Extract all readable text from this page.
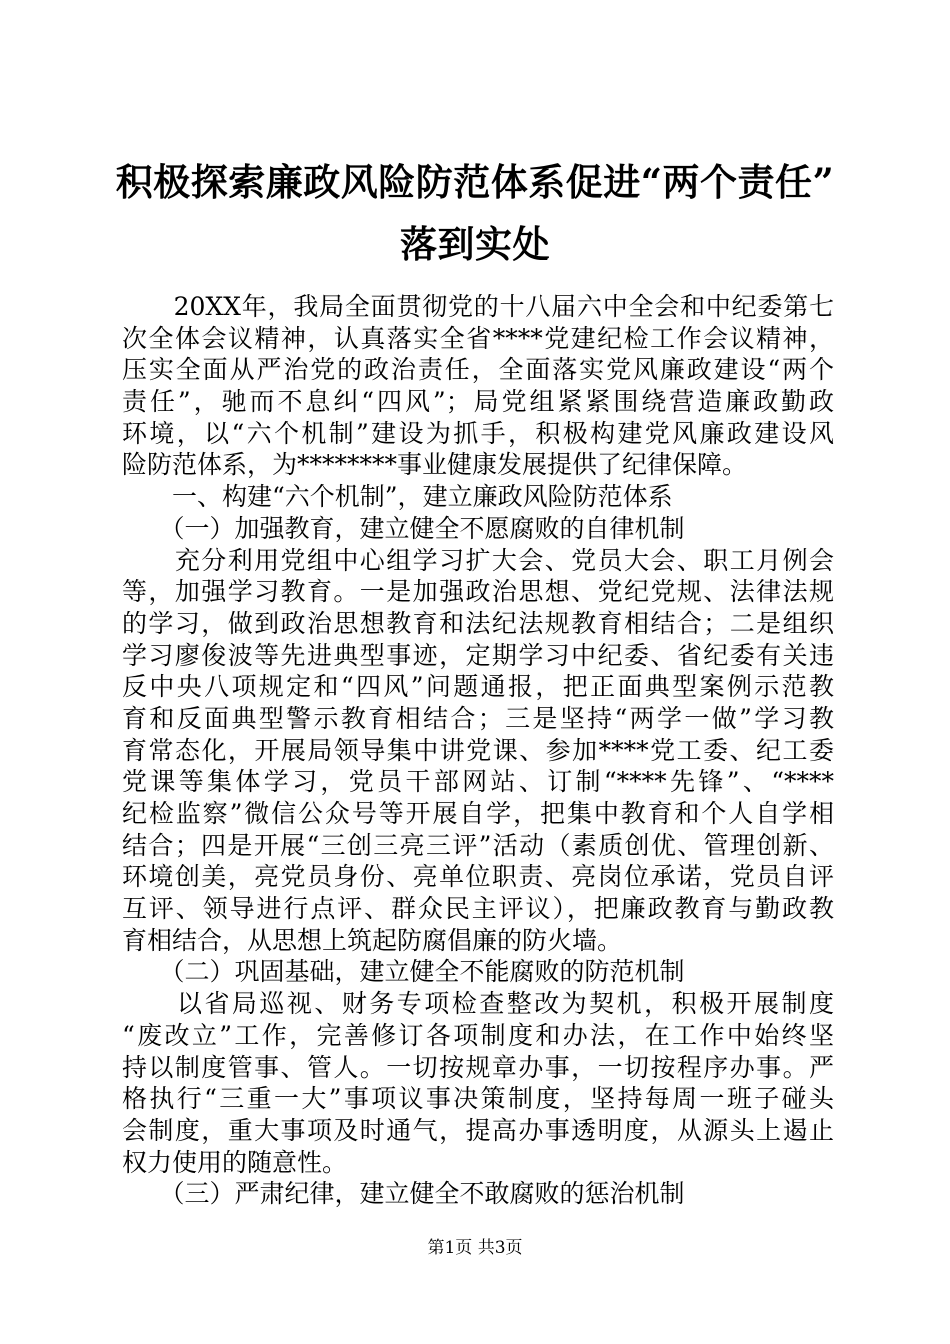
积极探索廉政风险防范体系促进“两个责任”
落到实处
　　20XX年，我局全面贯彻党的十八届六中全会和中纪委第七
次全体会议精神，认真落实全省****党建纪检工作会议精神，
压实全面从严治党的政治责任，全面落实党风廉政建设“两个
责任”，驰而不息纠“四风”；局党组紧紧围绕营造廉政勤政
环境，以“六个机制”建设为抓手，积极构建党风廉政建设风
险防范体系，为********事业健康发展提供了纪律保障。
　　一、构建“六个机制”，建立廉政风险防范体系
　　（一）加强教育，建立健全不愿腐败的自律机制
　　充分利用党组中心组学习扩大会、党员大会、职工月例会
等，加强学习教育。一是加强政治思想、党纪党规、法律法规
的学习，做到政治思想教育和法纪法规教育相结合；二是组织
学习廖俊波等先进典型事迹，定期学习中纪委、省纪委有关违
反中央八项规定和“四风”问题通报，把正面典型案例示范教
育和反面典型警示教育相结合；三是坚持“两学一做”学习教
育常态化，开展局领导集中讲党课、参加****党工委、纪工委
党课等集体学习，党员干部网站、订制“****先锋”、“****
纪检监察”微信公众号等开展自学，把集中教育和个人自学相
结合；四是开展“三创三亮三评”活动（素质创优、管理创新、
环境创美，亮党员身份、亮单位职责、亮岗位承诺，党员自评
互评、领导进行点评、群众民主评议），把廉政教育与勤政教
育相结合，从思想上筑起防腐倡廉的防火墙。
　　（二）巩固基础，建立健全不能腐败的防范机制
　　以省局巡视、财务专项检查整改为契机，积极开展制度
“废改立”工作，完善修订各项制度和办法，在工作中始终坚
持以制度管事、管人。一切按规章办事，一切按程序办事。严
格执行“三重一大”事项议事决策制度，坚持每周一班子碰头
会制度，重大事项及时通气，提高办事透明度，从源头上遏止
权力使用的随意性。
　　（三）严肃纪律，建立健全不敢腐败的惩治机制
第1页 共3页
